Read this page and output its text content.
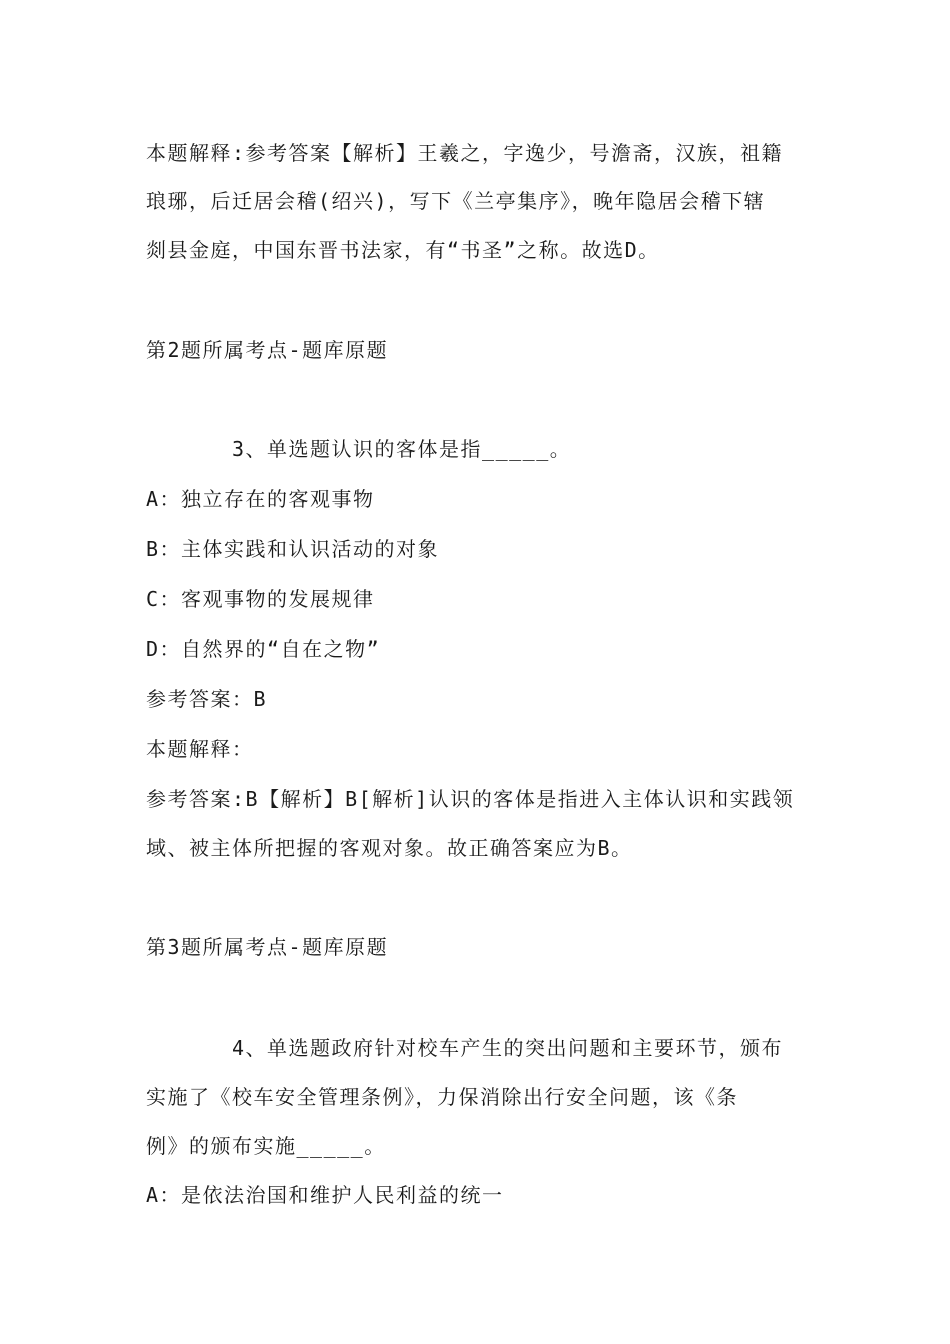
本题解释:参考答案【解析】王羲之，字逸少，号澹斋，汉族，祖籍
琅琊，后迁居会稽(绍兴)，写下《兰亭集序》，晚年隐居会稽下辖
剡县金庭，中国东晋书法家，有“书圣”之称。故选D。
第2题所属考点-题库原题
3、单选题认识的客体是指_____。
A：独立存在的客观事物
B：主体实践和认识活动的对象
C：客观事物的发展规律
D：自然界的“自在之物”
参考答案：B
本题解释：
参考答案:B【解析】B[解析]认识的客体是指进入主体认识和实践领
域、被主体所把握的客观对象。故正确答案应为B。
第3题所属考点-题库原题
4、单选题政府针对校车产生的突出问题和主要环节，颁布
实施了《校车安全管理条例》，力保消除出行安全问题，该《条
例》的颁布实施_____。
A：是依法治国和维护人民利益的统一
